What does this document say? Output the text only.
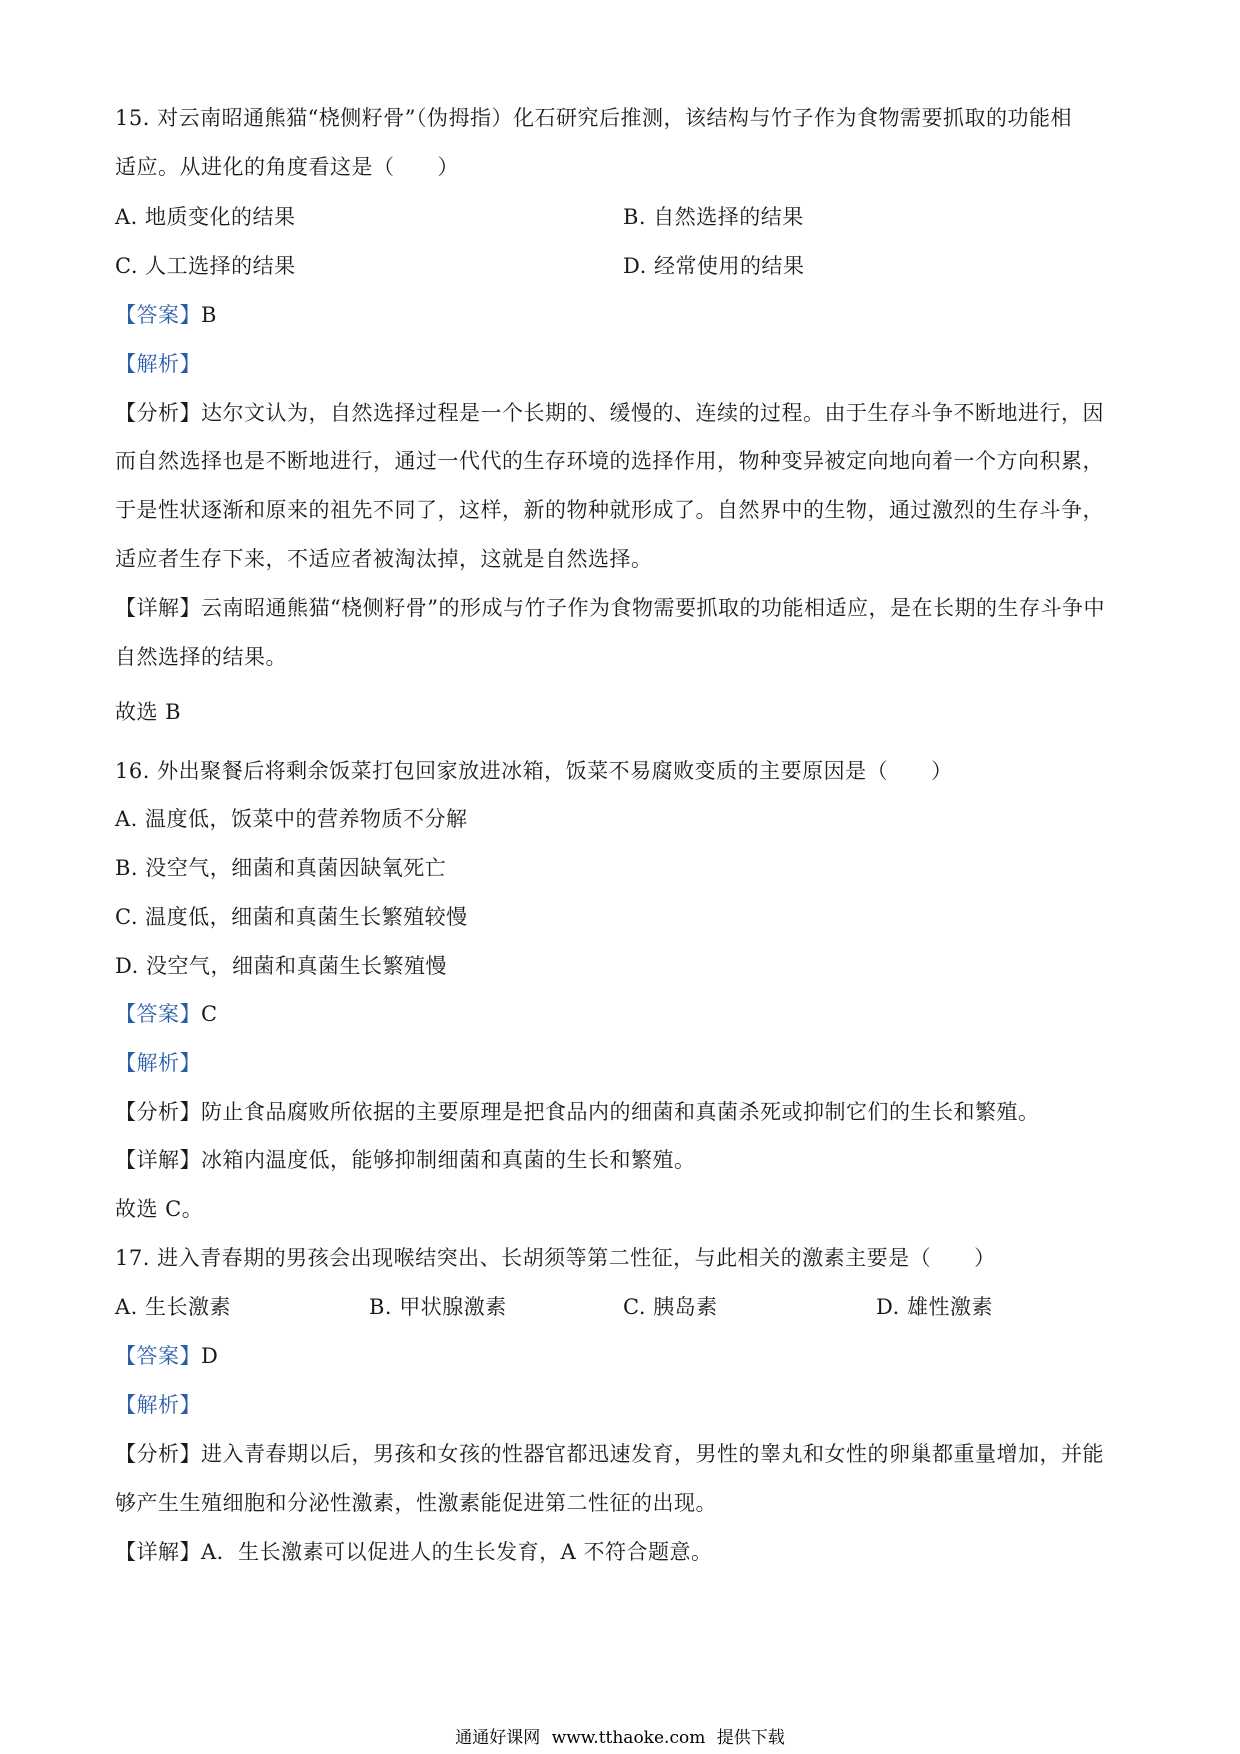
15. 对云南昭通熊猫“桡侧籽骨”（伪拇指）化石研究后推测，该结构与竹子作为食物需要抓取的功能相
适应。从进化的角度看这是（　　）
A. 地质变化的结果	B. 自然选择的结果
C. 人工选择的结果	D. 经常使用的结果
【答案】B
【解析】
【分析】达尔文认为，自然选择过程是一个长期的、缓慢的、连续的过程。由于生存斗争不断地进行，因
而自然选择也是不断地进行，通过一代代的生存环境的选择作用，物种变异被定向地向着一个方向积累，
于是性状逐渐和原来的祖先不同了，这样，新的物种就形成了。自然界中的生物，通过激烈的生存斗争，
适应者生存下来，不适应者被淘汰掉，这就是自然选择。
【详解】云南昭通熊猫“桡侧籽骨”的形成与竹子作为食物需要抓取的功能相适应，是在长期的生存斗争中
自然选择的结果。
故选 B
16. 外出聚餐后将剩余饭菜打包回家放进冰箱，饭菜不易腐败变质的主要原因是（　　）
A. 温度低，饭菜中的营养物质不分解
B. 没空气，细菌和真菌因缺氧死亡
C. 温度低，细菌和真菌生长繁殖较慢
D. 没空气，细菌和真菌生长繁殖慢
【答案】C
【解析】
【分析】防止食品腐败所依据的主要原理是把食品内的细菌和真菌杀死或抑制它们的生长和繁殖。
【详解】冰箱内温度低，能够抑制细菌和真菌的生长和繁殖。
故选 C。
17. 进入青春期的男孩会出现喉结突出、长胡须等第二性征，与此相关的激素主要是（　　）
A. 生长激素	B. 甲状腺激素	C. 胰岛素	D. 雄性激素
【答案】D
【解析】
【分析】进入青春期以后，男孩和女孩的性器官都迅速发育，男性的睾丸和女性的卵巢都重量增加，并能
够产生生殖细胞和分泌性激素，性激素能促进第二性征的出现。
【详解】A．生长激素可以促进人的生长发育，A 不符合题意。
通通好课网 www.tthaoke.com 提供下载
